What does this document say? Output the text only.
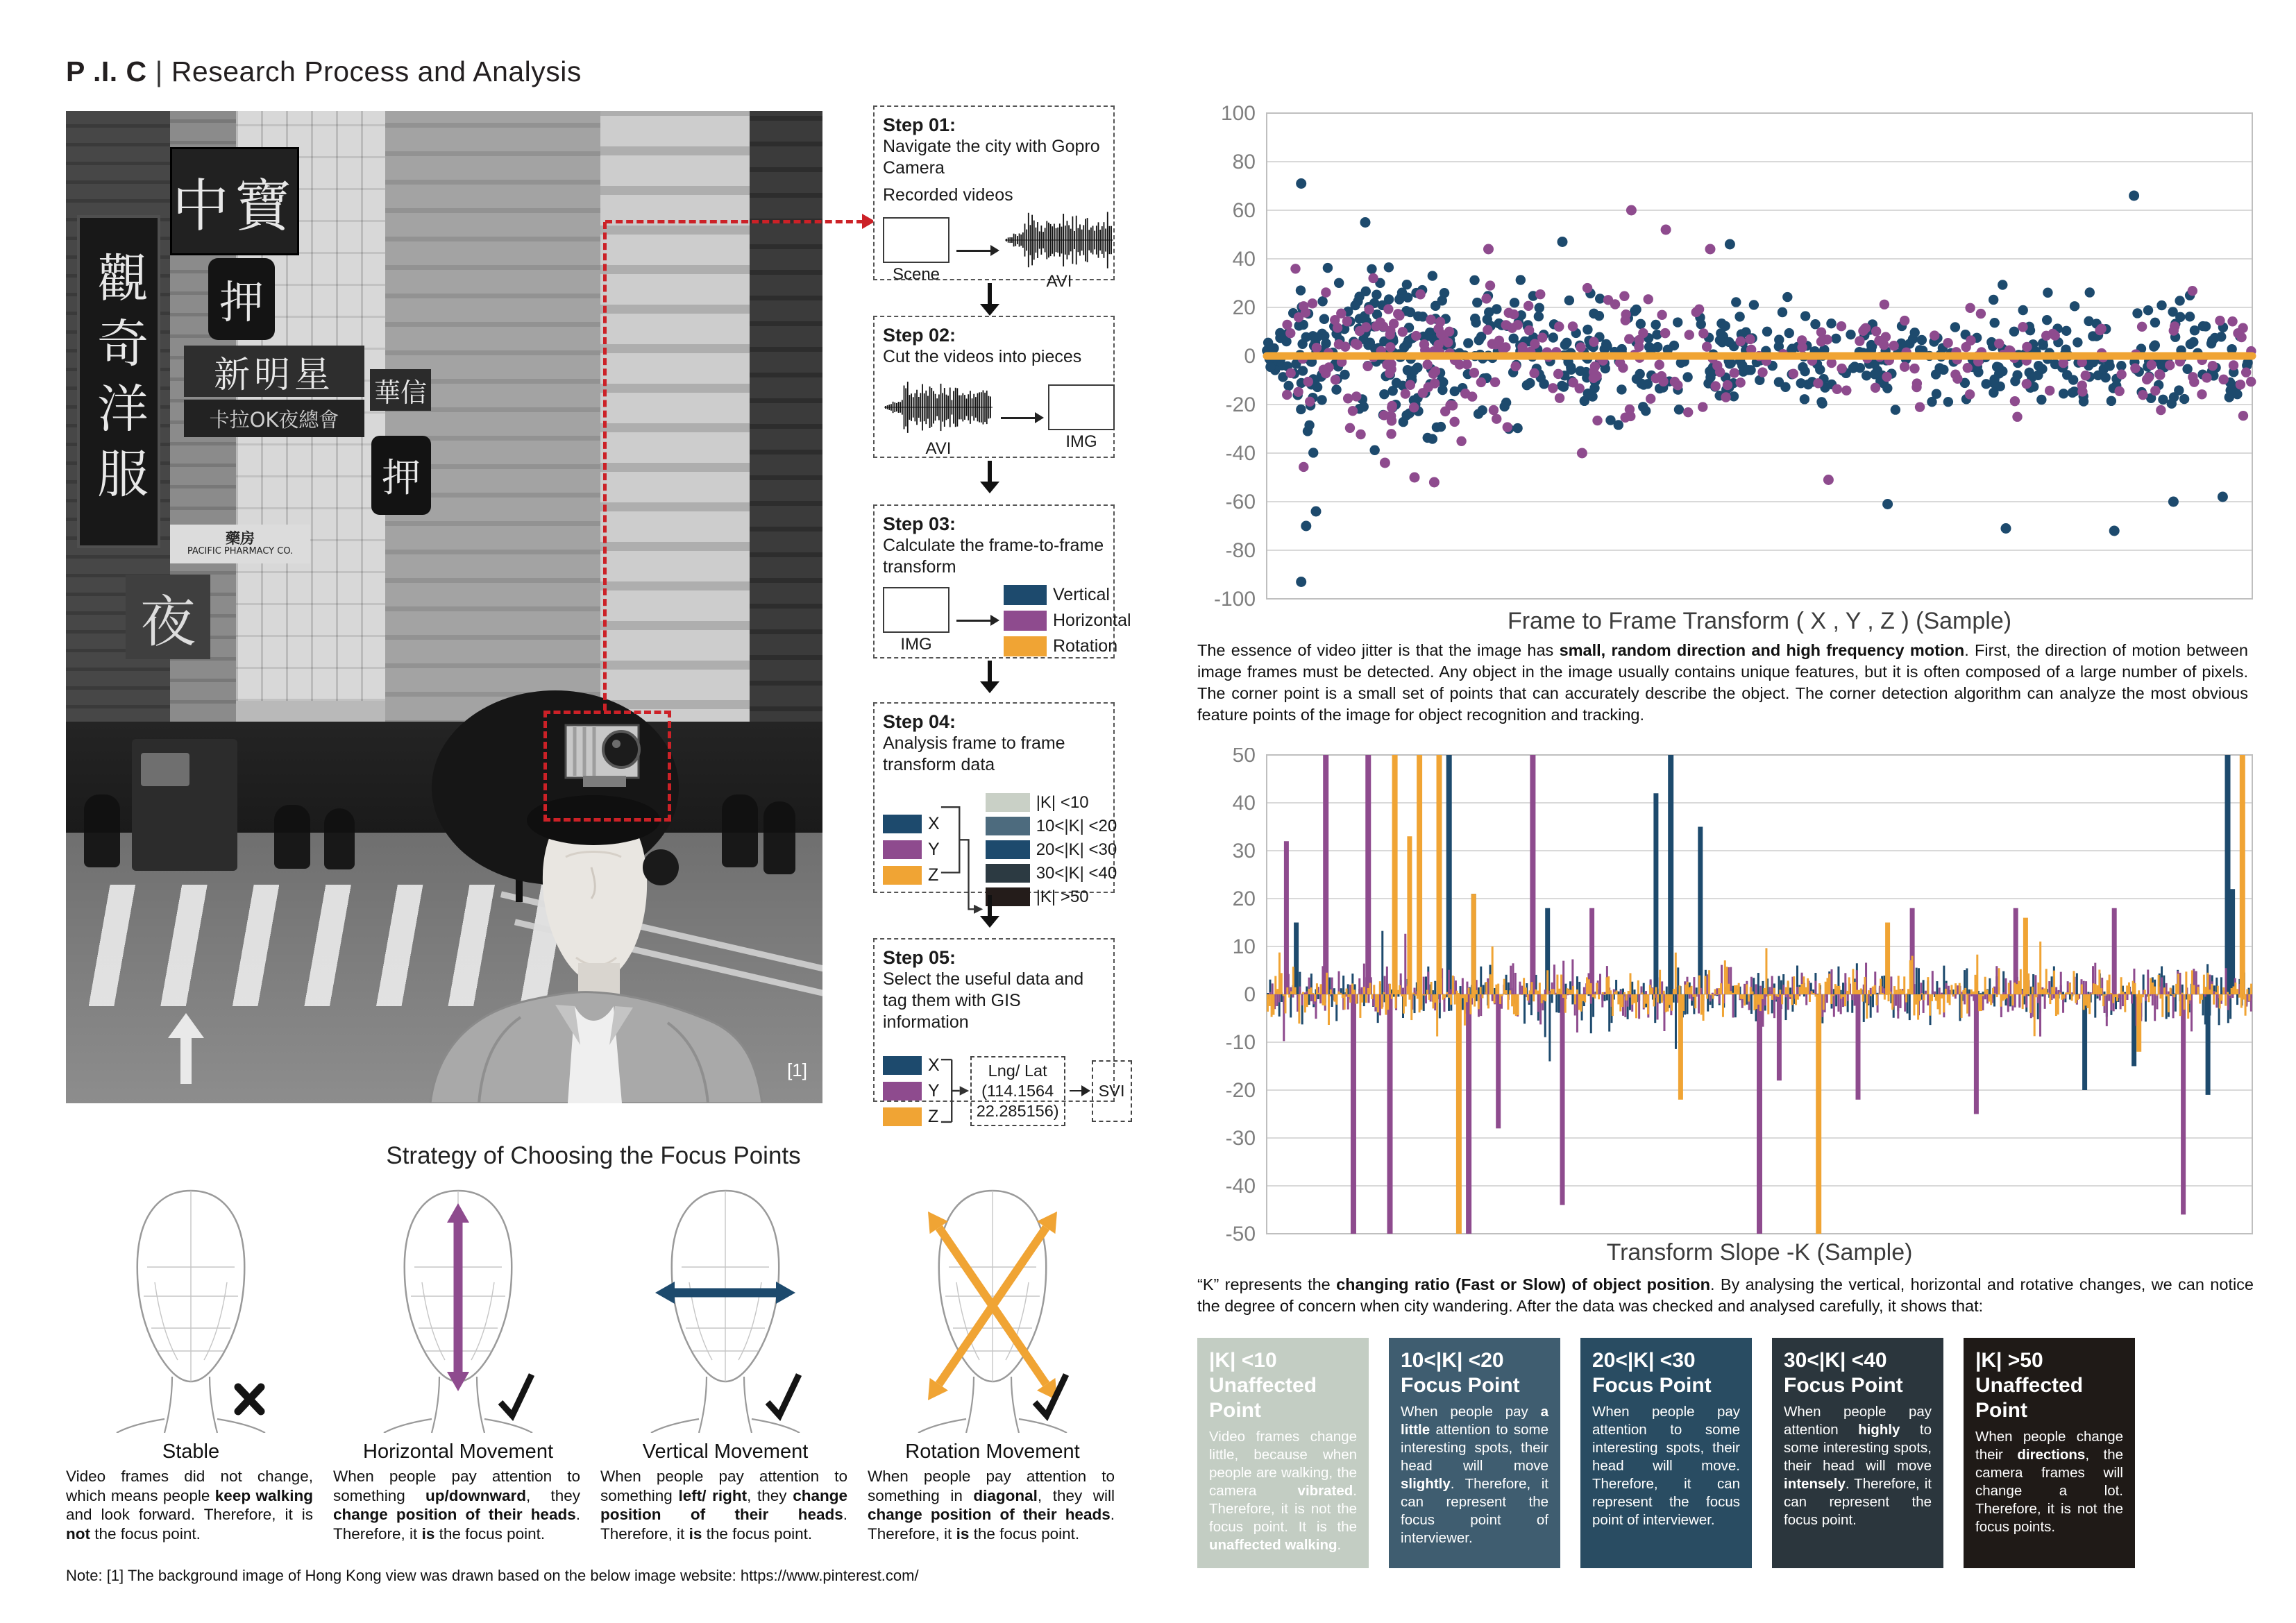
P .I. C | Research Process and Analysis
觀奇洋服
中寶
押
新明星
卡拉OK夜總會
華信
押
夜
藥房
PACIFIC PHARMACY CO.
[1]
Step 01:
Navigate the city with Gopro Camera
Recorded videos
Scene	AVI
Step 02:
Cut the videos into pieces
AVI	IMG
Step 03:
Calculate the frame-to-frame transform
IMG
Vertical
Horizontal
Rotation
Step 04:
Analysis frame to frame transform data
X
Y
Z
|K| <10
10<|K| <20
20<|K| <30
30<|K| <40
|K| >50
Step 05:
Select the useful data and tag them with GIS information
X
Y
Z
Lng/ Lat
(114.1564
22.285156)
SVI
100
80
60
40
20
0
-20
-40
-60
-80
-100
Frame to Frame Transform ( X , Y , Z ) (Sample)
The essence of video jitter is that the image has small, random direction and high frequency motion. First, the direction of motion between image frames must be detected. Any object in the image usually contains unique features, but it is often composed of a large number of pixels. The corner point is a small set of points that can accurately describe the object. The corner detection algorithm can analyze the most obvious feature points of the image for object recognition and tracking.
50
40
30
20
10
0
-10
-20
-30
-40
-50
Transform Slope -K (Sample)
“K” represents the changing ratio (Fast or Slow) of object position. By analysing the vertical, horizontal and rotative changes, we can notice the degree of concern when city wandering. After the data was checked and analysed carefully, it shows that:
|K| <10
Unaffected Point
Video frames change little, because when people are walking, the camera vibrated. Therefore, it is not the focus point. It is the unaffected walking.
10<|K| <20
Focus Point
When people pay a little attention to some interesting spots, their head will move slightly. Therefore, it can represent the focus point of interviewer.
20<|K| <30
Focus Point
When people pay attention to some interesting spots, their head will move. Therefore, it can represent the focus point of interviewer.
30<|K| <40
Focus Point
When people pay attention highly to some interesting spots, their head will move intensely. Therefore, it can represent the focus point.
|K| >50
Unaffected Point
When people change their directions, the camera frames will change a lot. Therefore, it is not the focus points.
Strategy of Choosing the Focus Points
Stable	Horizontal Movement	Vertical Movement	Rotation Movement
Video frames did not change, which means people keep walking and look forward. Therefore, it is not the focus point.
When people pay attention to something up/downward, they change position of their heads. Therefore, it is the focus point.
When people pay attention to something left/ right, they change position of their heads. Therefore, it is the focus point.
When people pay attention to something in diagonal, they will change position of their heads. Therefore, it is the focus point.
Note: [1] The background image of Hong Kong view was drawn based on the below image website: https://www.pinterest.com/
